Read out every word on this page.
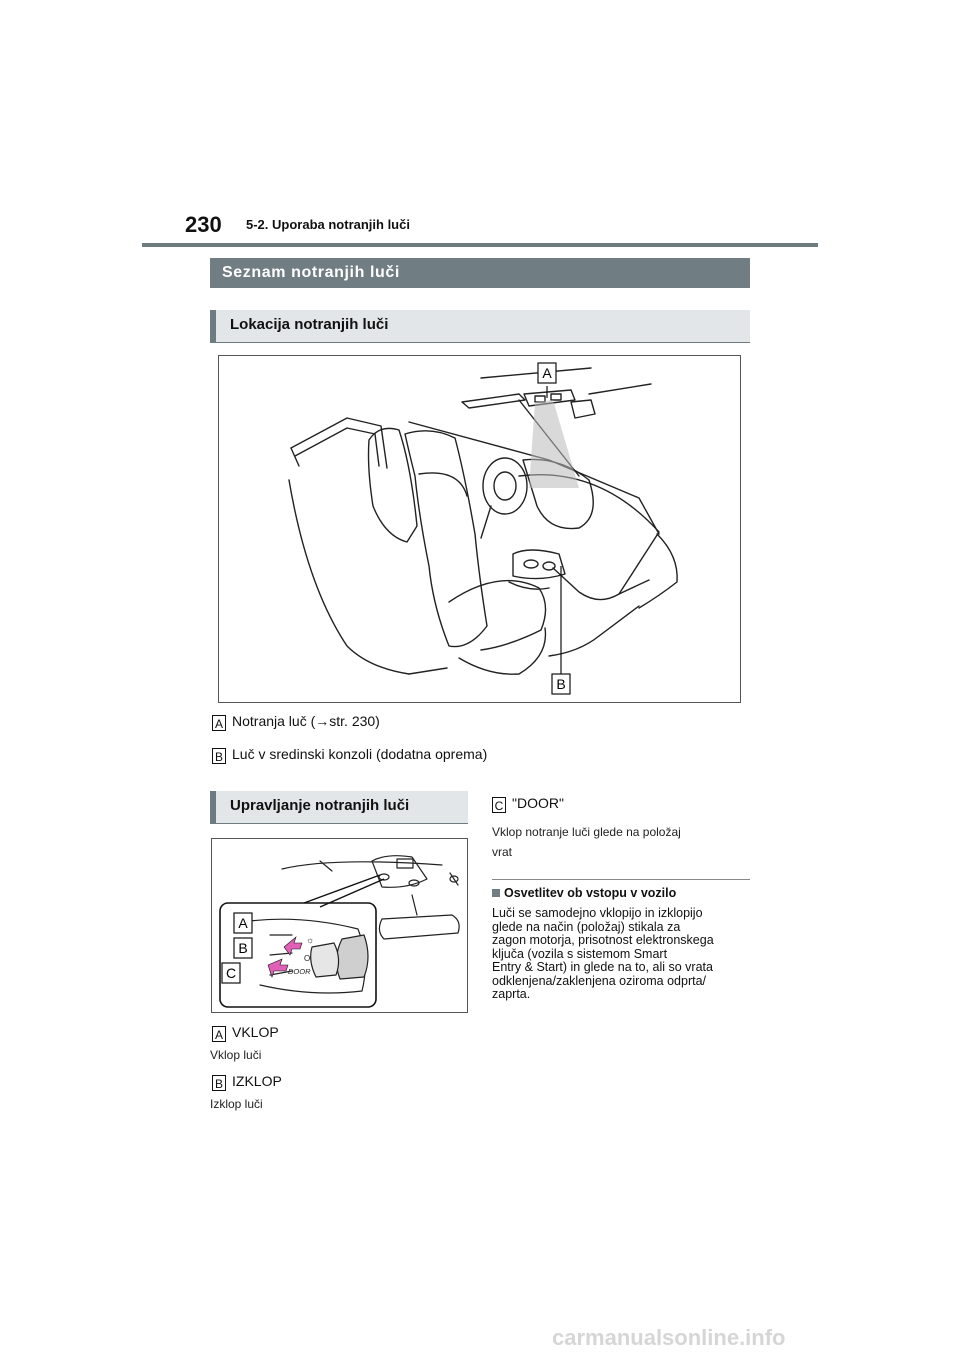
230 5-2. Uporaba notranjih luči
Seznam notranjih luči
Lokacija notranjih luči
A
B
A Notranja luč (→str. 230)
B Luč v sredinski konzoli (dodatna oprema)
Upravljanje notranjih luči
☼
O
DOOR
A
B
C
A VKLOP
Vklop luči
B IZKLOP
Izklop luči
C "DOOR"
Vklop notranje luči glede na položaj
vrat
Osvetlitev ob vstopu v vozilo
Luči se samodejno vklopijo in izklopijo
glede na način (položaj) stikala za
zagon motorja, prisotnost elektronskega
ključa (vozila s sistemom Smart
Entry & Start) in glede na to, ali so vrata
odklenjena/zaklenjena oziroma odprta/
zaprta.
carmanualsonline.info
